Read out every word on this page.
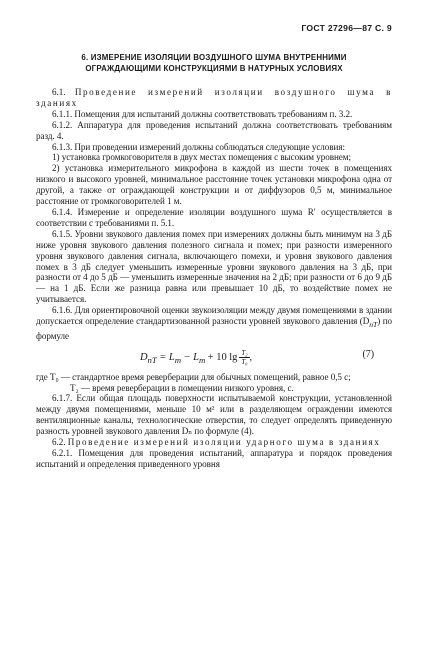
ГОСТ 27296—87 С. 9
6. ИЗМЕРЕНИЕ ИЗОЛЯЦИИ ВОЗДУШНОГО ШУМА ВНУТРЕННИМИ
ОГРАЖДАЮЩИМИ КОНСТРУКЦИЯМИ В НАТУРНЫХ УСЛОВИЯХ

6.1. Проведение измерений изоляции воздушного шума в зданиях

6.1.1. Помещения для испытаний должны соответствовать требованиям п. 3.2.

6.1.2. Аппаратура для проведения испытаний должна соответствовать требованиям разд. 4.

6.1.3. При проведении измерений должны соблюдаться следующие условия:

1) установка громкоговорителя в двух местах помещения с высоким уровнем;

2) установка измерительного микрофона в каждой из шести точек в помещениях низкого и высокого уровней, минимальное расстояние точек установки микрофона одна от другой, а также от ограждающей конструкции и от диффузоров 0,5 м, минимальное расстояние от громкоговорителей 1 м.

6.1.4. Измерение и определение изоляции воздушного шума R′ осуществляется в соответствии с требованиями п. 5.1.

6.1.5. Уровни звукового давления помех при измерениях должны быть минимум на 3 дБ ниже уровня звукового давления полезного сигнала и помех; при разности измеренного уровня звукового давления сигнала, включающего помехи, и уровня звукового давления помех в 3 дБ следует уменьшить измеренные уровни звукового давления на 3 дБ, при разности от 4 до 5 дБ — уменьшить измеренные значения на 2 дБ; при разности от 6 до 9 дБ — на 1 дБ. Если же разница равна или превышает 10 дБ, то воздействие помех не учитывается.

6.1.6. Для ориентировочной оценки звукоизоляции между двумя помещениями в здании допускается определение стандартизованной разности уровней звукового давления $(D_{nT})$ по формуле

$D_{nT} = L_m - L_m + 10$ $\lg \frac{\text{T₂}}{\text{T₀}}$ ,	(7)

где T₀ — стандартное время реверберации для обычных помещений, равное 0,5 с;

T₂ — время реверберации в помещении низкого уровня, с.

6.1.7. Если общая площадь поверхности испытываемой конструкции, установленной между двумя помещениями, меньше 10 м² или в разделяющем ограждении имеются вентиляционные каналы, технологические отверстия, то следует определять приведенную разность уровней звукового давления Dₙ по формуле (4).

6.2. Проведение измерений изоляции ударного шума в зданиях

6.2.1. Помещения для проведения испытаний, аппаратура и порядок проведения испытаний и определения приведенного уровня
